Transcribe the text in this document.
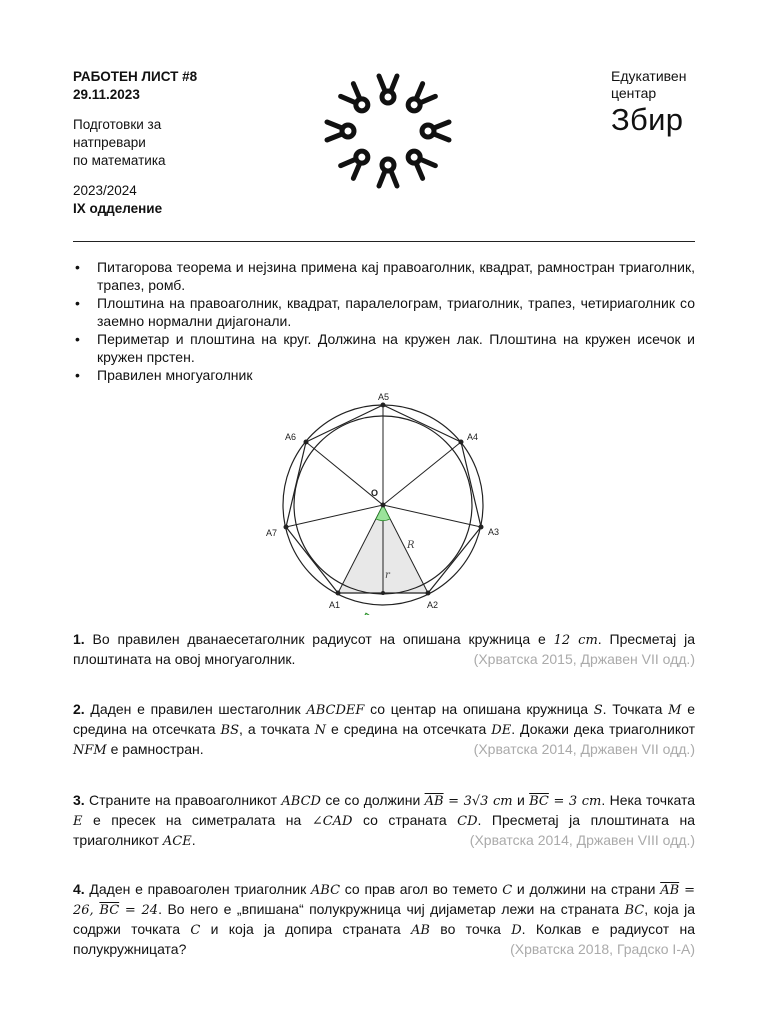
РАБОТЕН ЛИСТ #8
29.11.2023
Подготовки за
натпревари
по математика
2023/2024
IX одделение
Едукативен
центар
Збир
• Питагорова теорема и нејзина примена кај правоаголник, квадрат, рамностран триаголник, трапез, ромб.
• Плоштина на правоаголник, квадрат, паралелограм, триаголник, трапез, четириаголник со заемно нормални дијагонали.
• Периметар и плоштина на круг. Должина на кружен лак. Плоштина на кружен исечок и кружен прстен.
• Правилен многуаголник
A5
A4
A6
A3
A7
A1	A2
O
R
r
1. Во правилен дванаесетаголник радиусот на опишана кружница е 12 cm. Пресметај ја плоштината на овој многуаголник.	(Хрватска 2015, Државен VII одд.)
2. Даден е правилен шестаголник ABCDEF со центар на опишана кружница S. Точката M е средина на отсечката BS, а точката N е средина на отсечката DE. Докажи дека триаголникот NFM е рамностран.	(Хрватска 2014, Државен VII одд.)
3. Страните на правоаголникот ABCD се со должини $\overline{AB} = 3√3$ cm и $\overline{BC} = 3$ cm. Нека точката E е пресек на симетралата на ∠CAD со страната CD. Пресметај ја плоштината на триаголникот ACE.	(Хрватска 2014, Државен VIII одд.)
4. Даден е правоаголен триаголник ABC со прав агол во темето C и должини на страни $\overline{AB} = 26$, $\overline{BC} = 24$. Во него е „впишана“ полукружница чиј дијаметар лежи на страната BC, која ја содржи точката C и која ја допира страната AB во точка D. Колкав е радиусот на полукружницата?	(Хрватска 2018, Градско I-А)
